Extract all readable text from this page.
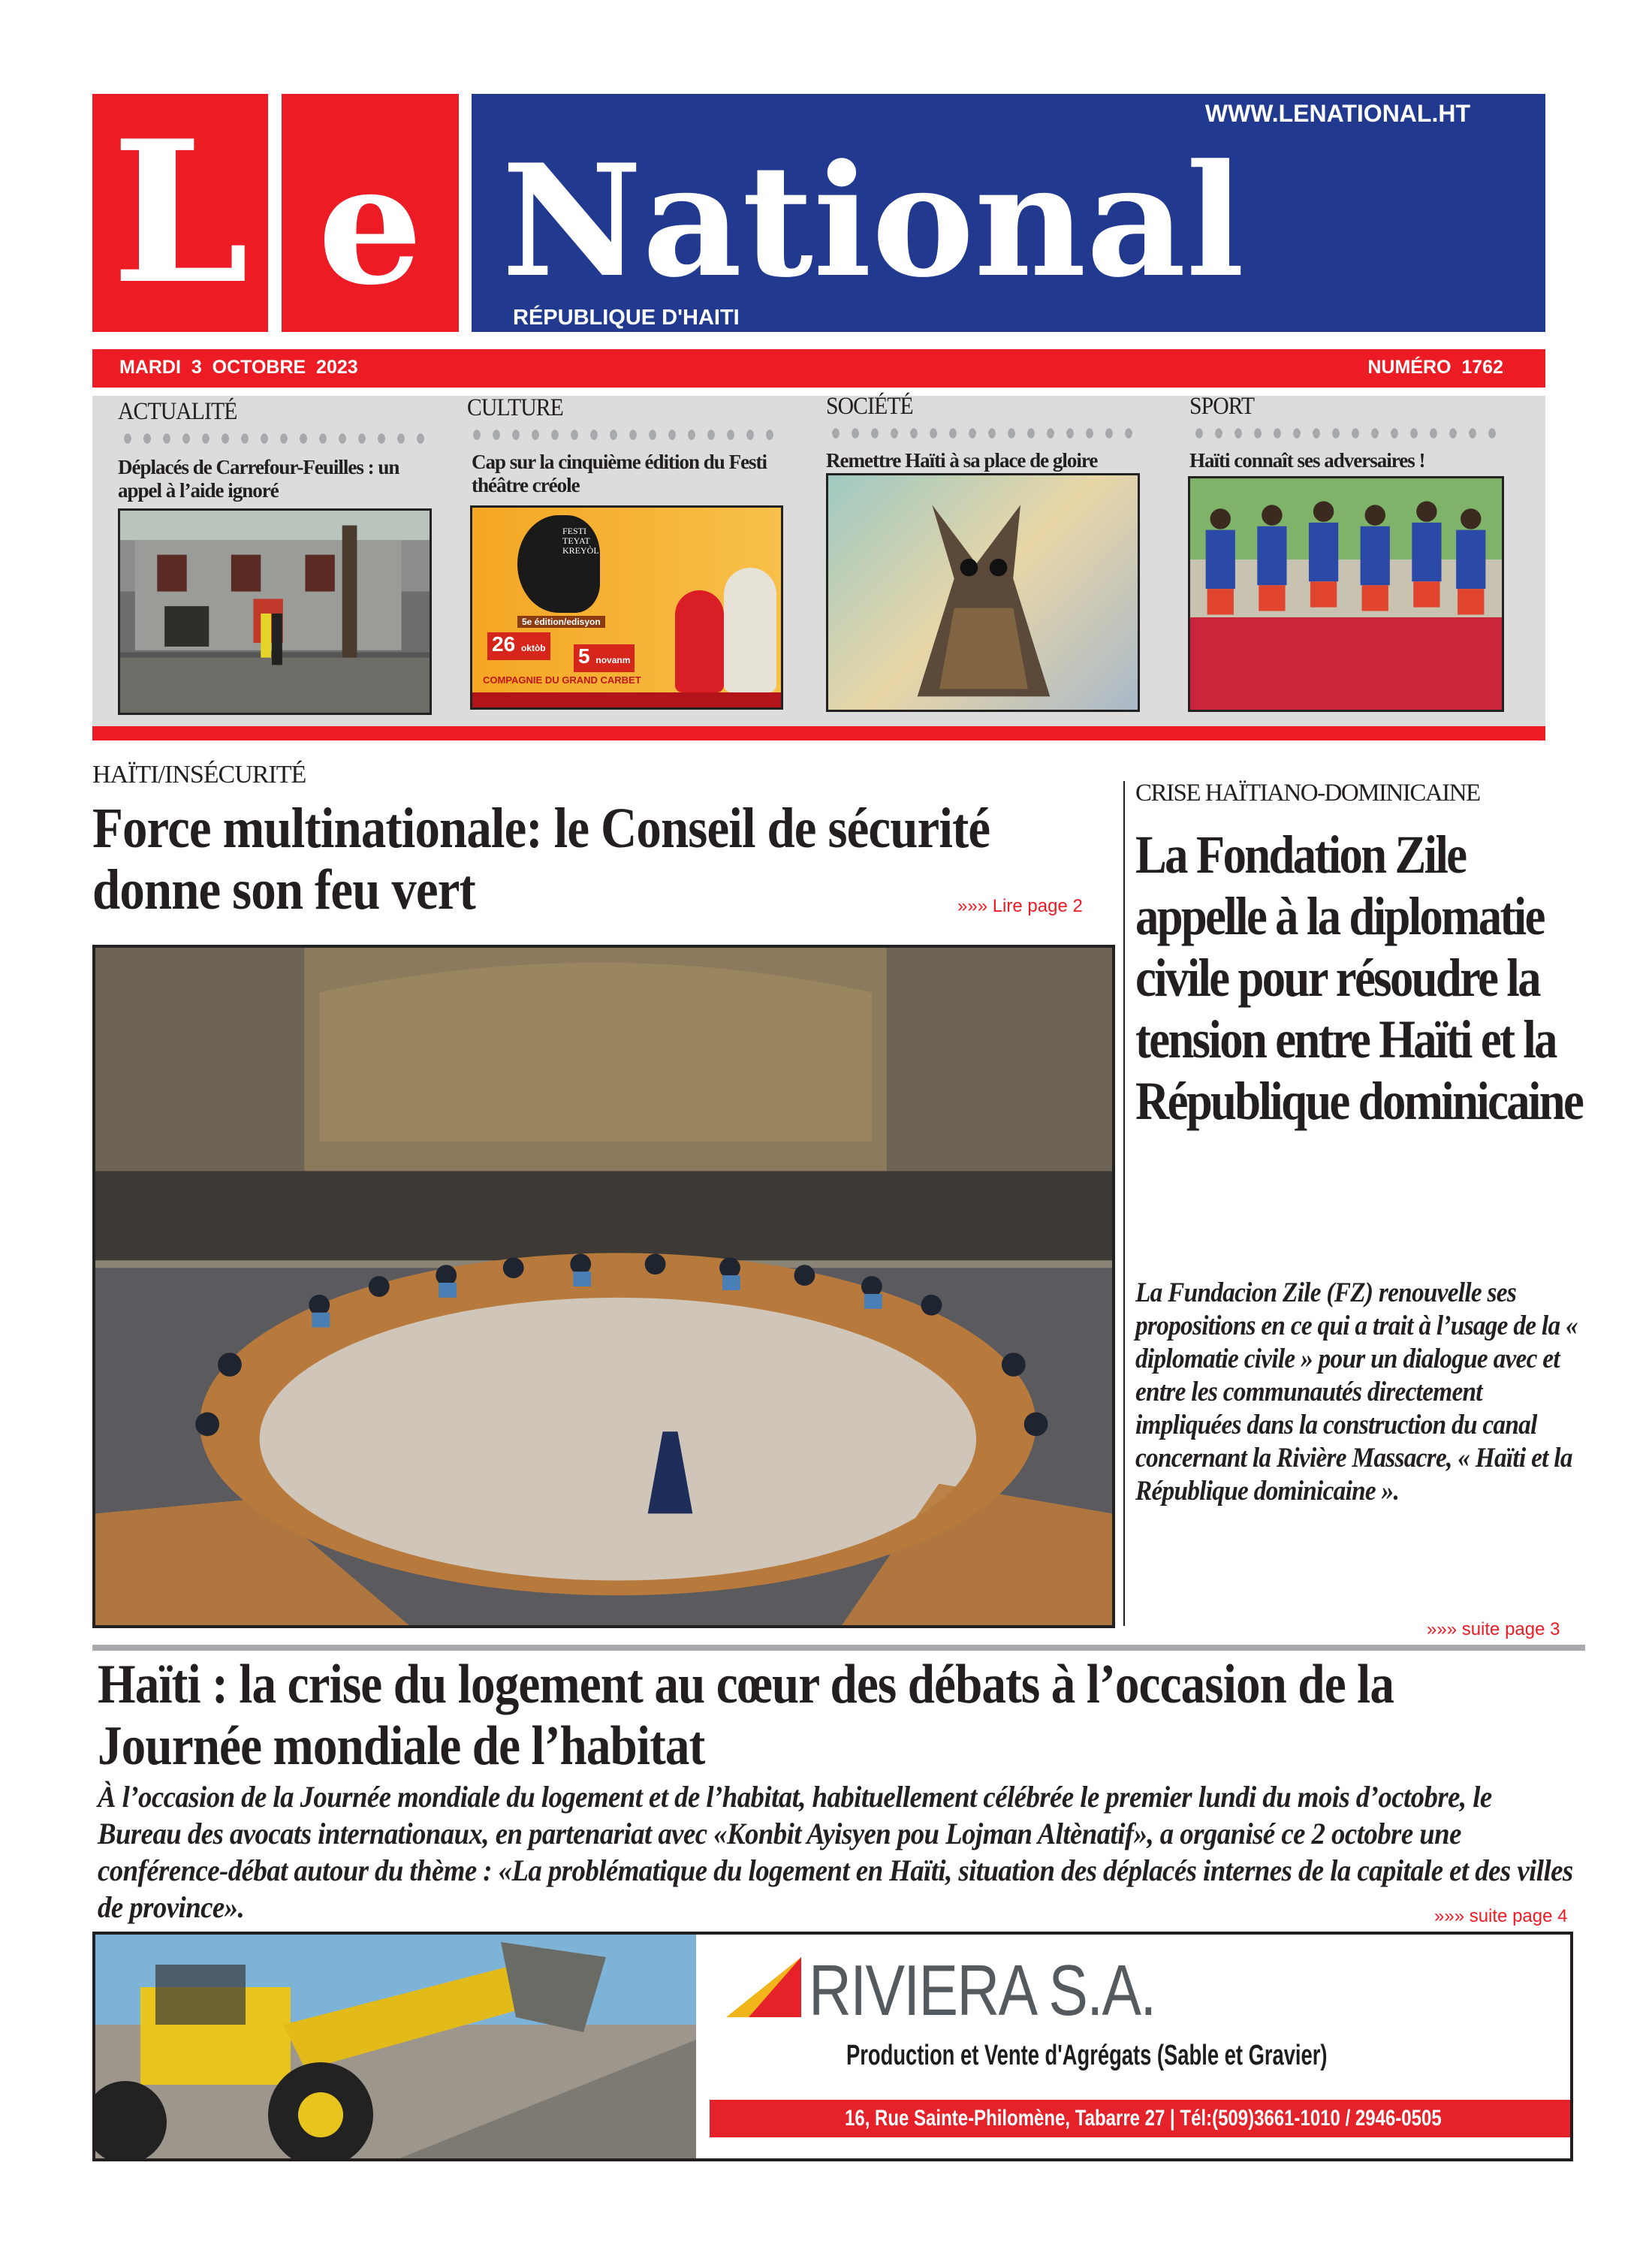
L e National
WWW.LENATIONAL.HT
RÉPUBLIQUE D'HAITI
MARDI  3  OCTOBRE  2023	NUMÉRO  1762
ACTUALITÉ
Déplacés de Carrefour-Feuilles : un appel à l’aide ignoré
CULTURE
Cap sur la cinquième édition du Festi théâtre créole
FESTI TEYAT KREYÒL
5e édition/edisyon
26 oktòb 5 novanm
COMPAGNIE DU GRAND CARBET
SOCIÉTÉ
Remettre Haïti à sa place de gloire
SPORT
Haïti connaît ses adversaires !
HAÏTI/INSÉCURITÉ
Force multinationale: le Conseil de sécurité donne son feu vert	»»» Lire page 2
CRISE HAÏTIANO-DOMINICAINE
La Fondation Zile appelle à la diplomatie civile pour résoudre la tension entre Haïti et la République dominicaine
La Fundacion Zile (FZ) renouvelle ses propositions en ce qui a trait à l’usage de la « diplomatie civile » pour un dialogue avec et entre les communautés directement impliquées dans la construction du canal concernant la Rivière Massacre, « Haïti et la République dominicaine ».
»»» suite page 3
Haïti : la crise du logement au cœur des débats à l’occasion de la Journée mondiale de l’habitat
À l’occasion de la Journée mondiale du logement et de l’habitat, habituellement célébrée le premier lundi du mois d’octobre, le Bureau des avocats internationaux, en partenariat avec «Konbit Ayisyen pou Lojman Altènatif», a organisé ce 2 octobre une conférence-débat autour du thème : «La problématique du logement en Haïti, situation des déplacés internes de la capitale et des villes de province».	»»» suite page 4
RIVIERA S.A.
Production et Vente d'Agrégats (Sable et Gravier)
16, Rue Sainte-Philomène, Tabarre 27 | Tél:(509)3661-1010 / 2946-0505
